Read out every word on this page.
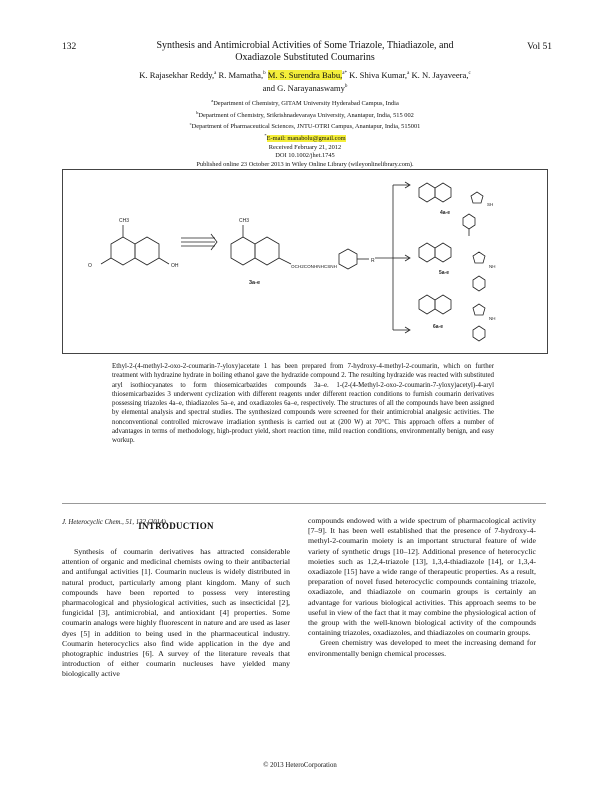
132	Vol 51
Synthesis and Antimicrobial Activities of Some Triazole, Thiadiazole, and
Oxadiazole Substituted Coumarins
K. Rajasekhar Reddy,$^a$ R. Mamatha,$^b$ M. S. Surendra Babu,$^{a*}$ K. Shiva Kumar,$^a$ K. N. Jayaveera,$^c$
and G. Narayanaswamy$^b$
$^a$Department of Chemistry, GITAM University Hyderabad Campus, India
$^b$Department of Chemistry, Srikrishnadevaraya University, Anantapur, India, 515 002
$^c$Department of Pharmaceutical Sciences, JNTU-OTRI Campus, Anantapur, India, 515001
*E-mail: manabolu@gmail.com
Received February 21, 2012
DOI 10.1002/jhet.1745
Published online 23 October 2013 in Wiley Online Library (wileyonlinelibrary.com).
CH3
O	OH
CH3
OCH2CONHNHCSNH
R
3a-e
SH
4a-e
NH
5a-e
NH
6a-e
Ethyl-2-(4-methyl-2-oxo-2-coumarin-7-yloxy)acetate 1 has been prepared from 7-hydroxy-4-methyl-2-coumarin, which on further treatment with hydrazine hydrate in boiling ethanol gave the hydrazide compound 2. The resulting hydrazide was reacted with substituted aryl isothiocyanates to form thiosemicarbazides compounds 3a–e. 1-(2-(4-Methyl-2-oxo-2-coumarin-7-yloxy)acetyl)-4-aryl thiosemicarbazides 3 underwent cyclization with different reagents under different reaction conditions to furnish coumarin derivatives possessing triazoles 4a–e, thiadiazoles 5a–e, and oxadiazoles 6a–e, respectively. The structures of all the compounds have been assigned by elemental analysis and spectral studies. The synthesized compounds were screened for their antimicrobial analgesic activities. The nonconventional controlled microwave irradiation synthesis is carried out at (200 W) at 70°C. This approach offers a number of advantages in terms of methodology, high-product yield, short reaction time, mild reaction conditions, environmentally benign, and easy workup.
J. Heterocyclic Chem., 51, 132 (2014).
INTRODUCTION

Synthesis of coumarin derivatives has attracted considerable attention of organic and medicinal chemists owing to their antibacterial and antifungal activities [1]. Coumarin nucleus is widely distributed in natural product, particularly among plant kingdom. Many of such compounds have been reported to possess very interesting pharmacological and physiological activities, such as insecticidal [2], fungicidal [3], antimicrobial, and antioxidant [4] properties. Some coumarin analogs were highly fluorescent in nature and are used as laser dyes [5] in addition to being used in the pharmaceutical industry. Coumarin heterocyclics also find wide application in the dye and photographic industries [6]. A survey of the literature reveals that introduction of either coumarin nucleuses have yielded many biologically active

compounds endowed with a wide spectrum of pharmacological activity [7–9]. It has been well established that the presence of 7-hydroxy-4-methyl-2-coumarin moiety is an important structural feature of wide variety of synthetic drugs [10–12]. Additional presence of heterocyclic moieties such as 1,2,4-triazole [13], 1,3,4-thiadiazole [14], or 1,3,4-oxadiazole [15] have a wide range of therapeutic properties. As a result, preparation of novel fused heterocyclic compounds containing triazole, oxadiazole, and thiadiazole on coumarin groups is certainly an advantage for various biological activities. This approach seems to be useful in view of the fact that it may combine the physiological action of the group with the well-known biological activity of the compounds containing triazoles, oxadiazoles, and thiadiazoles on coumarin groups.

Green chemistry was developed to meet the increasing demand for environmentally benign chemical processes.

© 2013 HeteroCorporation
